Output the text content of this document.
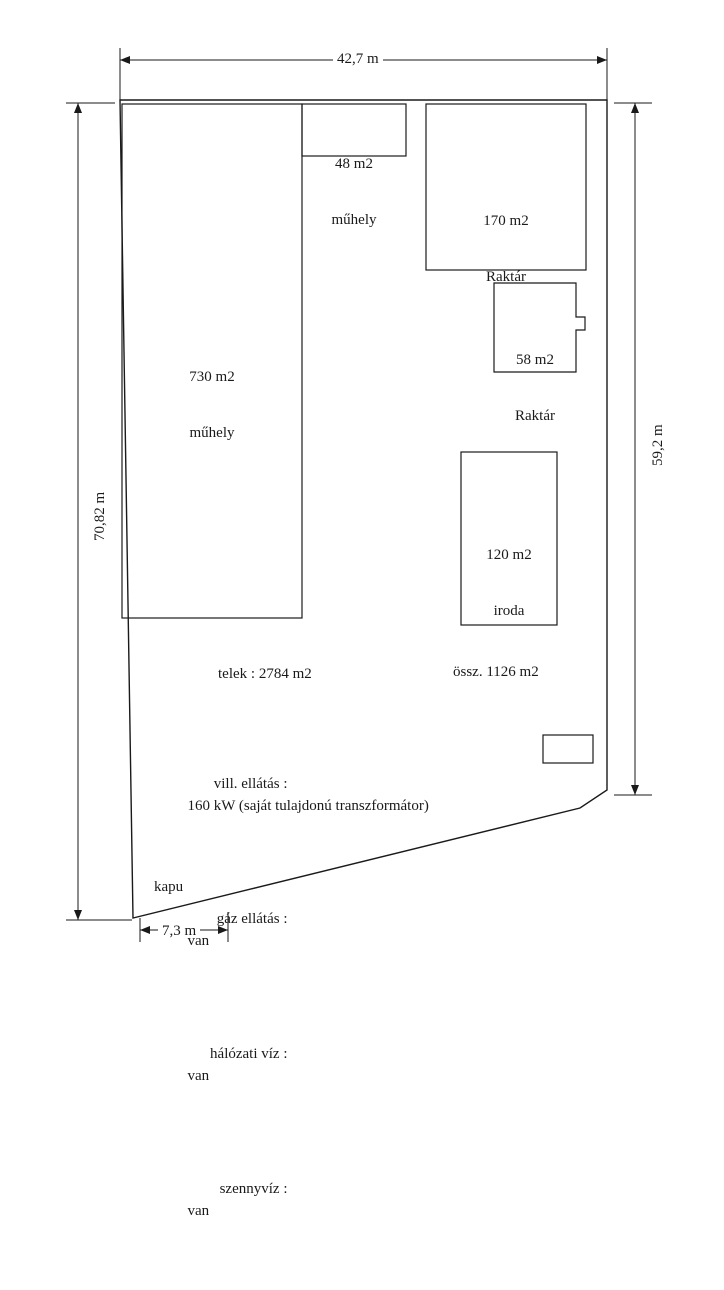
42,7 m
70,82 m
59,2 m
7,3 m

730 m2

műhely

48 m2

műhely

	170 m2

Raktár

58 m2

Raktár

120 m2

iroda

telek : 2784 m2	össz. 1126 m2

vill. ellátás :
160 kW (saját tulajdonú transzformátor)

gáz ellátás :
van

hálózati víz :
van

szennyvíz :
van

kapu
